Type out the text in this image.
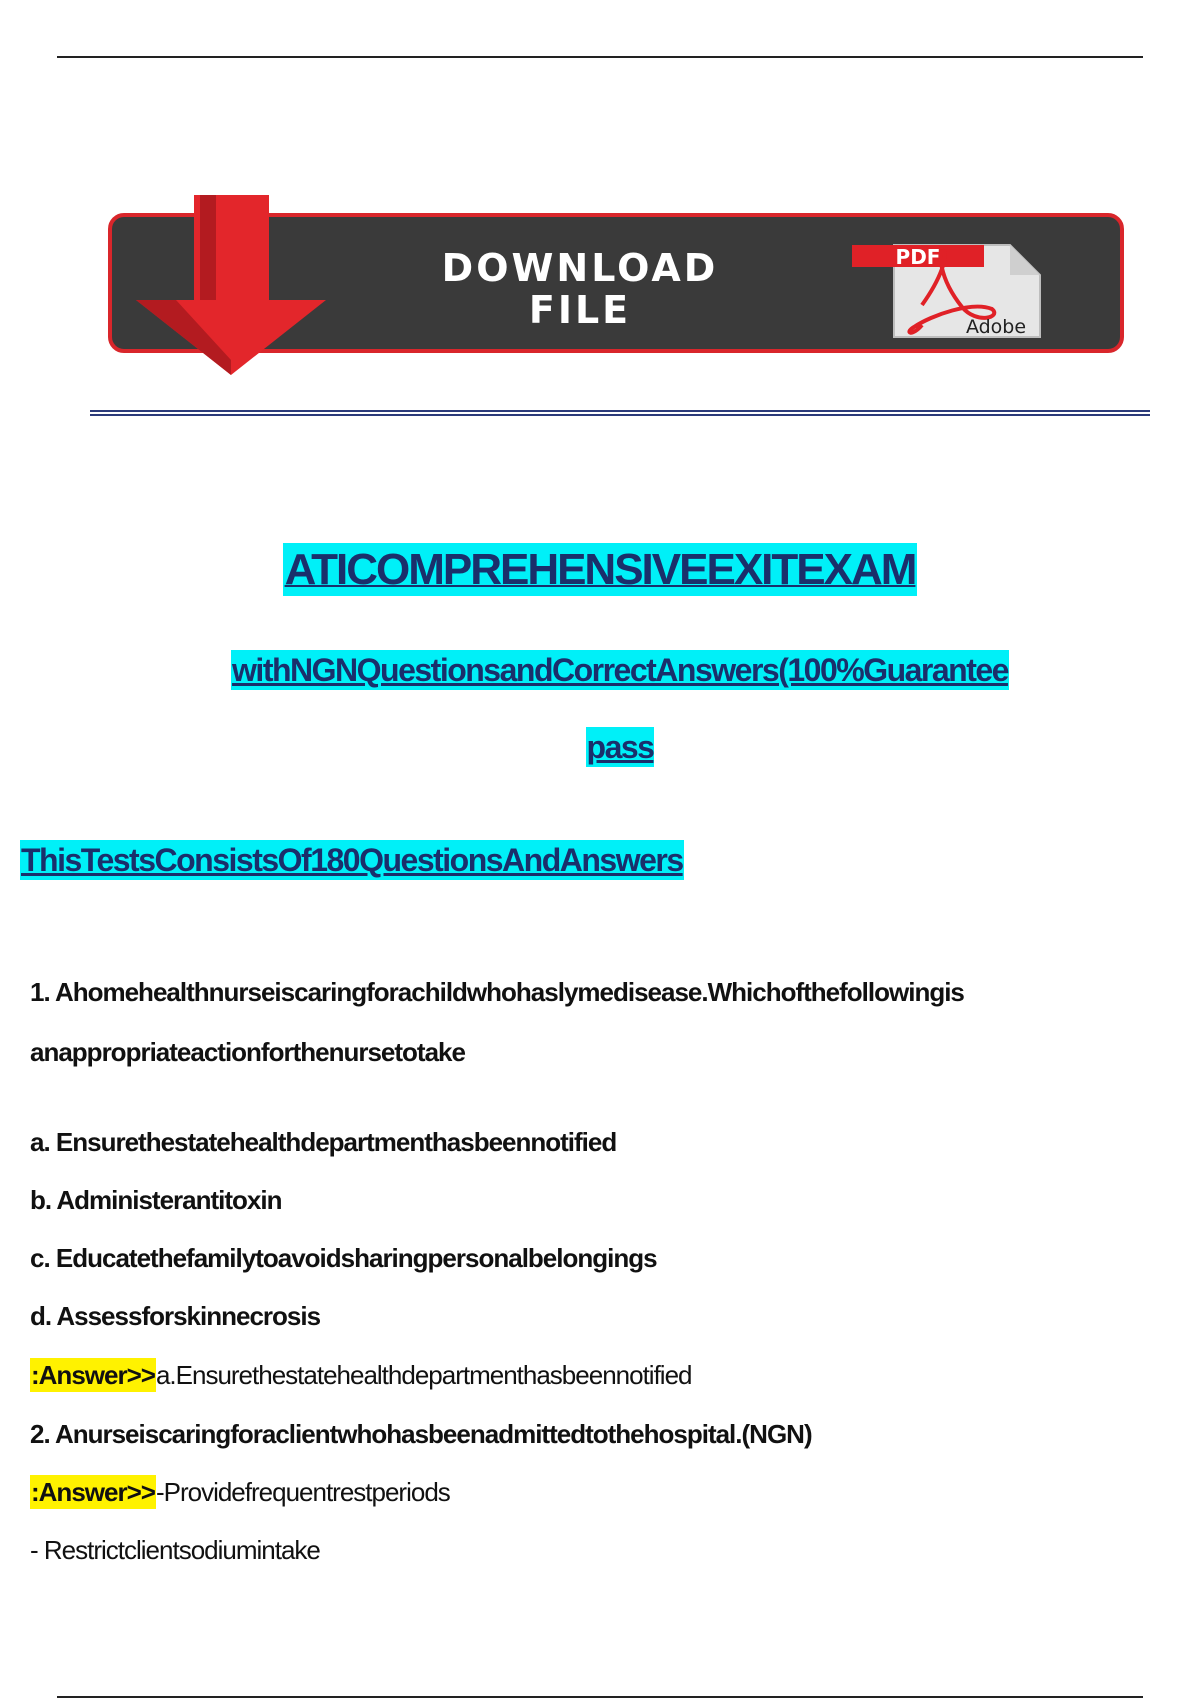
DOWNLOAD
FILE
PDF
Adobe
ATICOMPREHENSIVEEXITEXAM
withNGNQuestionsandCorrectAnswers(100%Guarantee
pass
ThisTestsConsistsOf180QuestionsAndAnswers
1. Ahomehealthnurseiscaringforachildwhohaslymedisease.Whichofthefollowingis
anappropriateactionforthenursetotake
a. Ensurethestatehealthdepartmenthasbeennotified
b. Administerantitoxin
c. Educatethefamilytoavoidsharingpersonalbelongings
d. Assessforskinnecrosis
:Answer>>a.Ensurethestatehealthdepartmenthasbeennotified
2. Anurseiscaringforaclientwhohasbeenadmittedtothehospital.(NGN)
:Answer>>-Providefrequentrestperiods
- Restrictclientsodiumintake
